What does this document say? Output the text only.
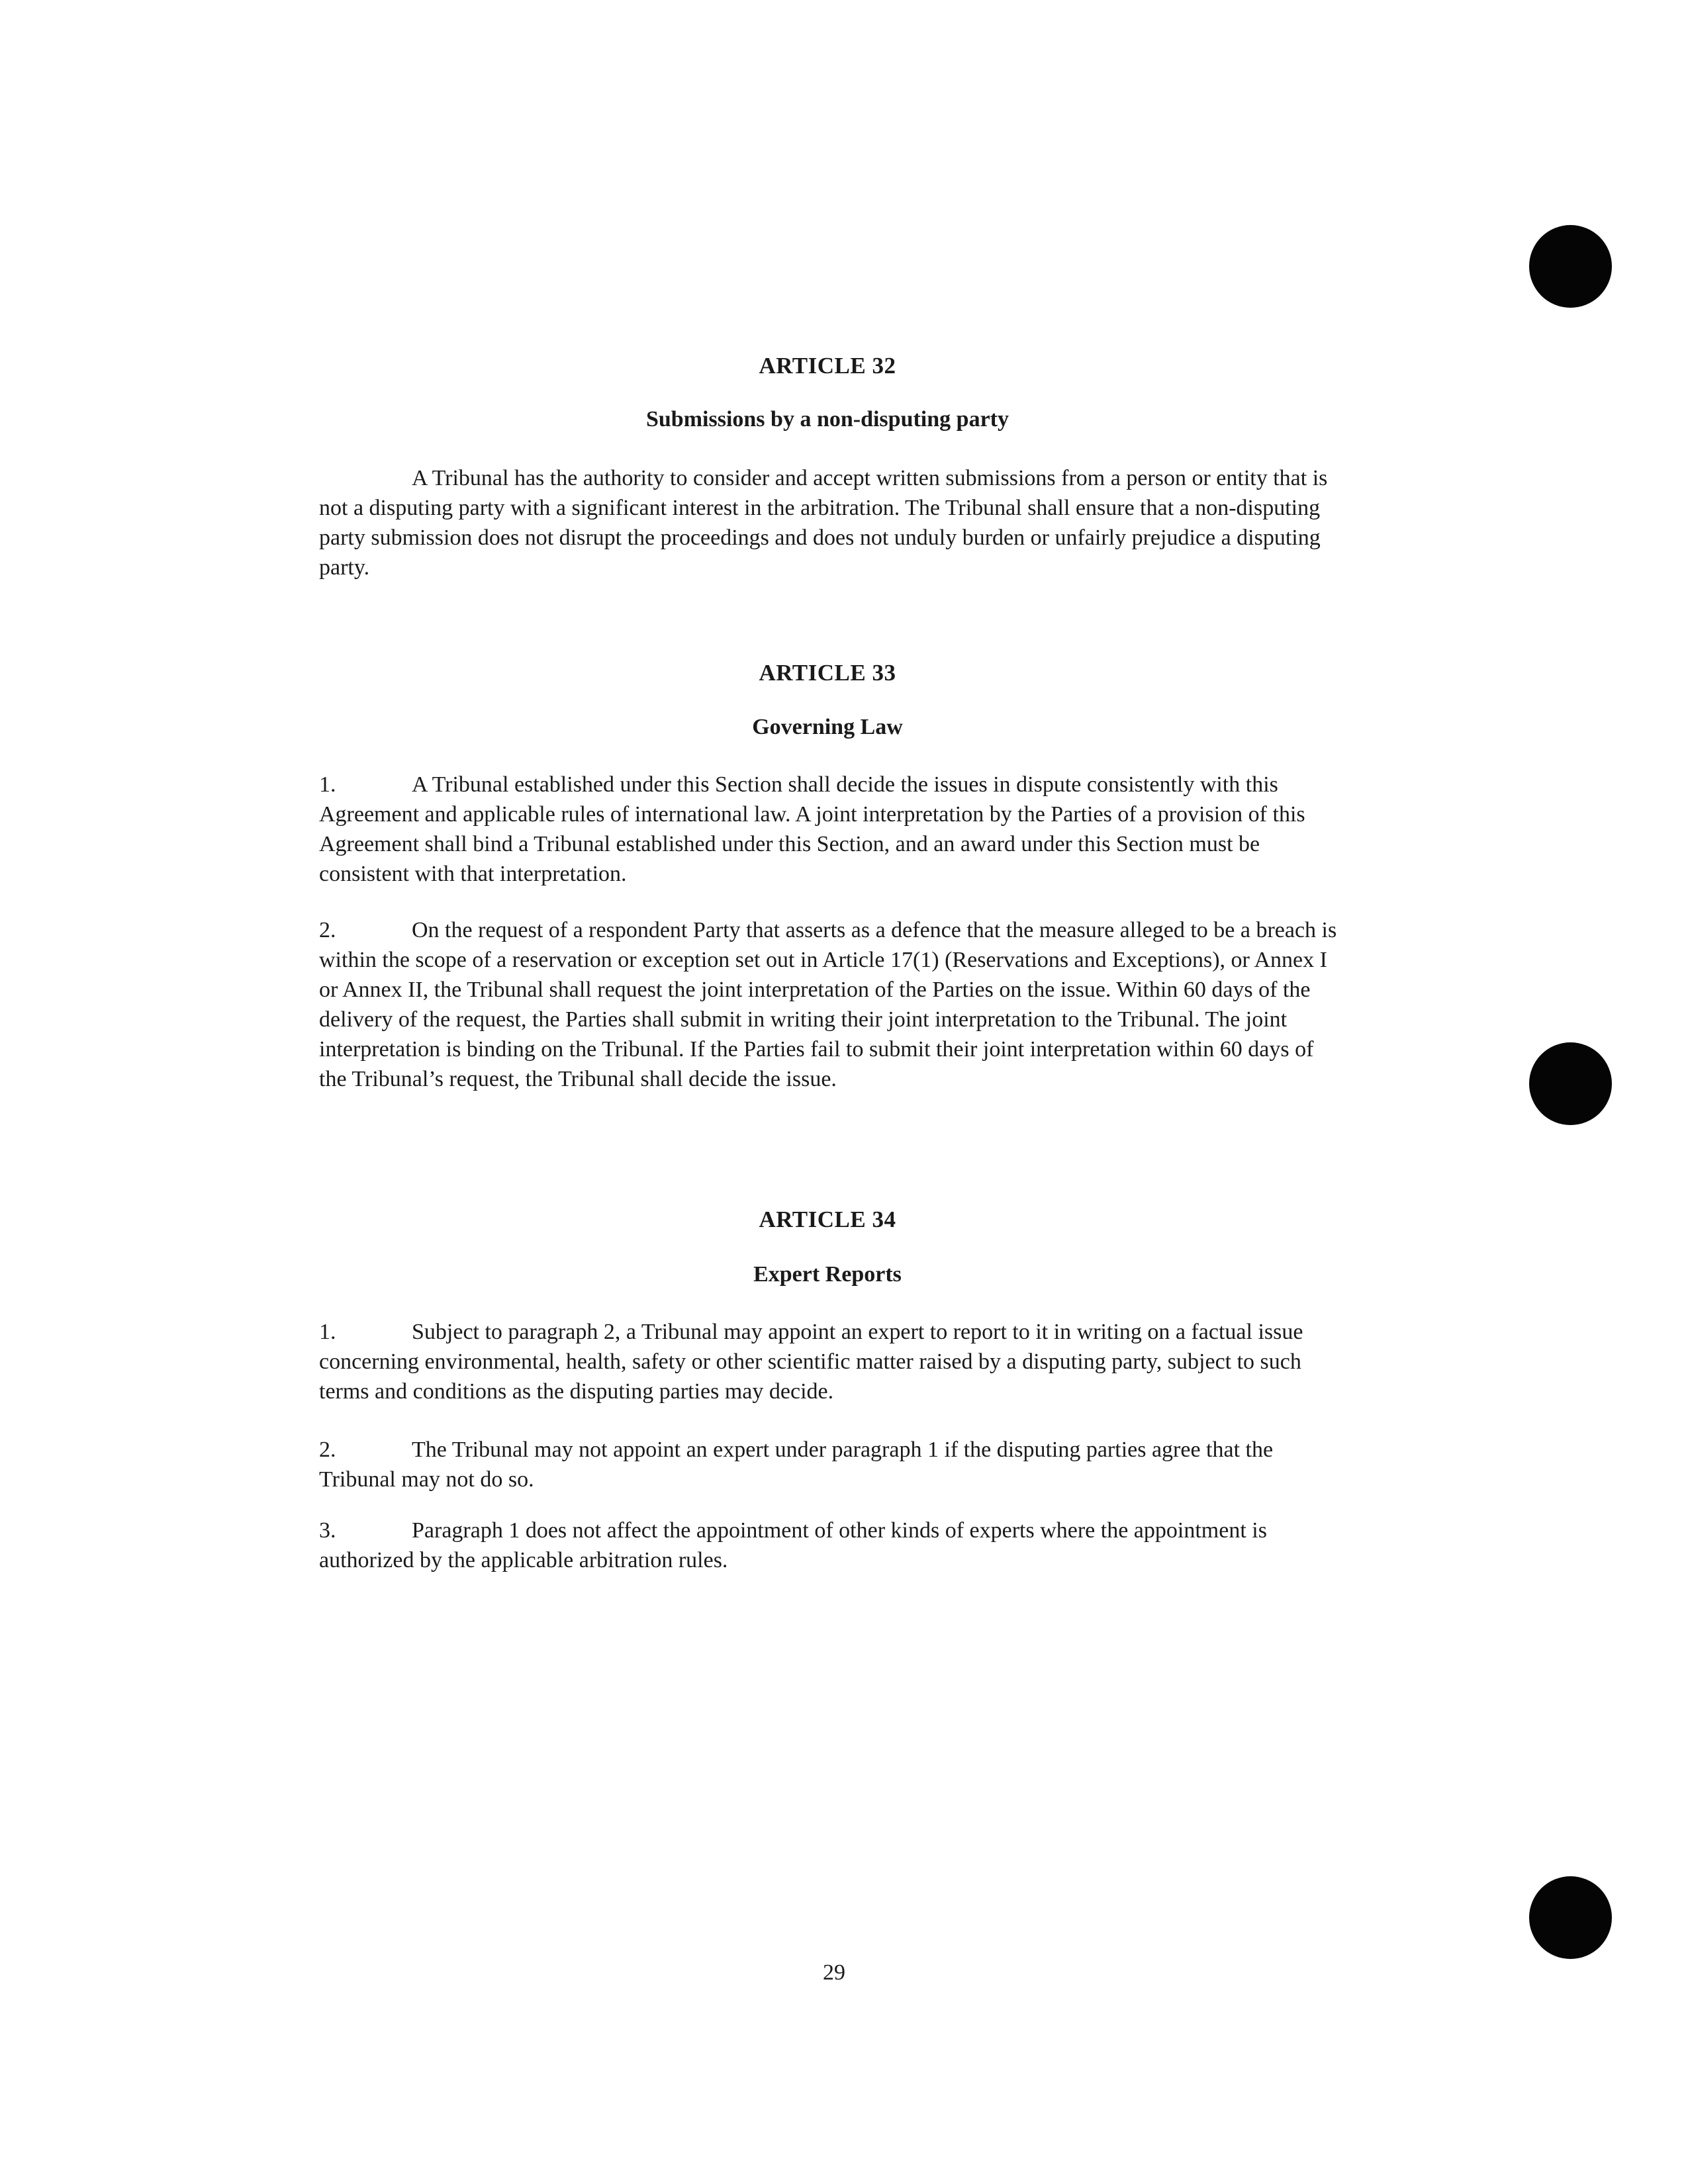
ARTICLE 32
Submissions by a non-disputing party
A Tribunal has the authority to consider and accept written submissions from a person or entity that is not a disputing party with a significant interest in the arbitration. The Tribunal shall ensure that a non-disputing party submission does not disrupt the proceedings and does not unduly burden or unfairly prejudice a disputing party.
ARTICLE 33
Governing Law
1.	A Tribunal established under this Section shall decide the issues in dispute consistently with this Agreement and applicable rules of international law. A joint interpretation by the Parties of a provision of this Agreement shall bind a Tribunal established under this Section, and an award under this Section must be consistent with that interpretation.
2.	On the request of a respondent Party that asserts as a defence that the measure alleged to be a breach is within the scope of a reservation or exception set out in Article 17(1) (Reservations and Exceptions), or Annex I or Annex II, the Tribunal shall request the joint interpretation of the Parties on the issue. Within 60 days of the delivery of the request, the Parties shall submit in writing their joint interpretation to the Tribunal. The joint interpretation is binding on the Tribunal. If the Parties fail to submit their joint interpretation within 60 days of the Tribunal’s request, the Tribunal shall decide the issue.
ARTICLE 34
Expert Reports
1.	Subject to paragraph 2, a Tribunal may appoint an expert to report to it in writing on a factual issue concerning environmental, health, safety or other scientific matter raised by a disputing party, subject to such terms and conditions as the disputing parties may decide.
2.	The Tribunal may not appoint an expert under paragraph 1 if the disputing parties agree that the Tribunal may not do so.
3.	Paragraph 1 does not affect the appointment of other kinds of experts where the appointment is authorized by the applicable arbitration rules.
29
